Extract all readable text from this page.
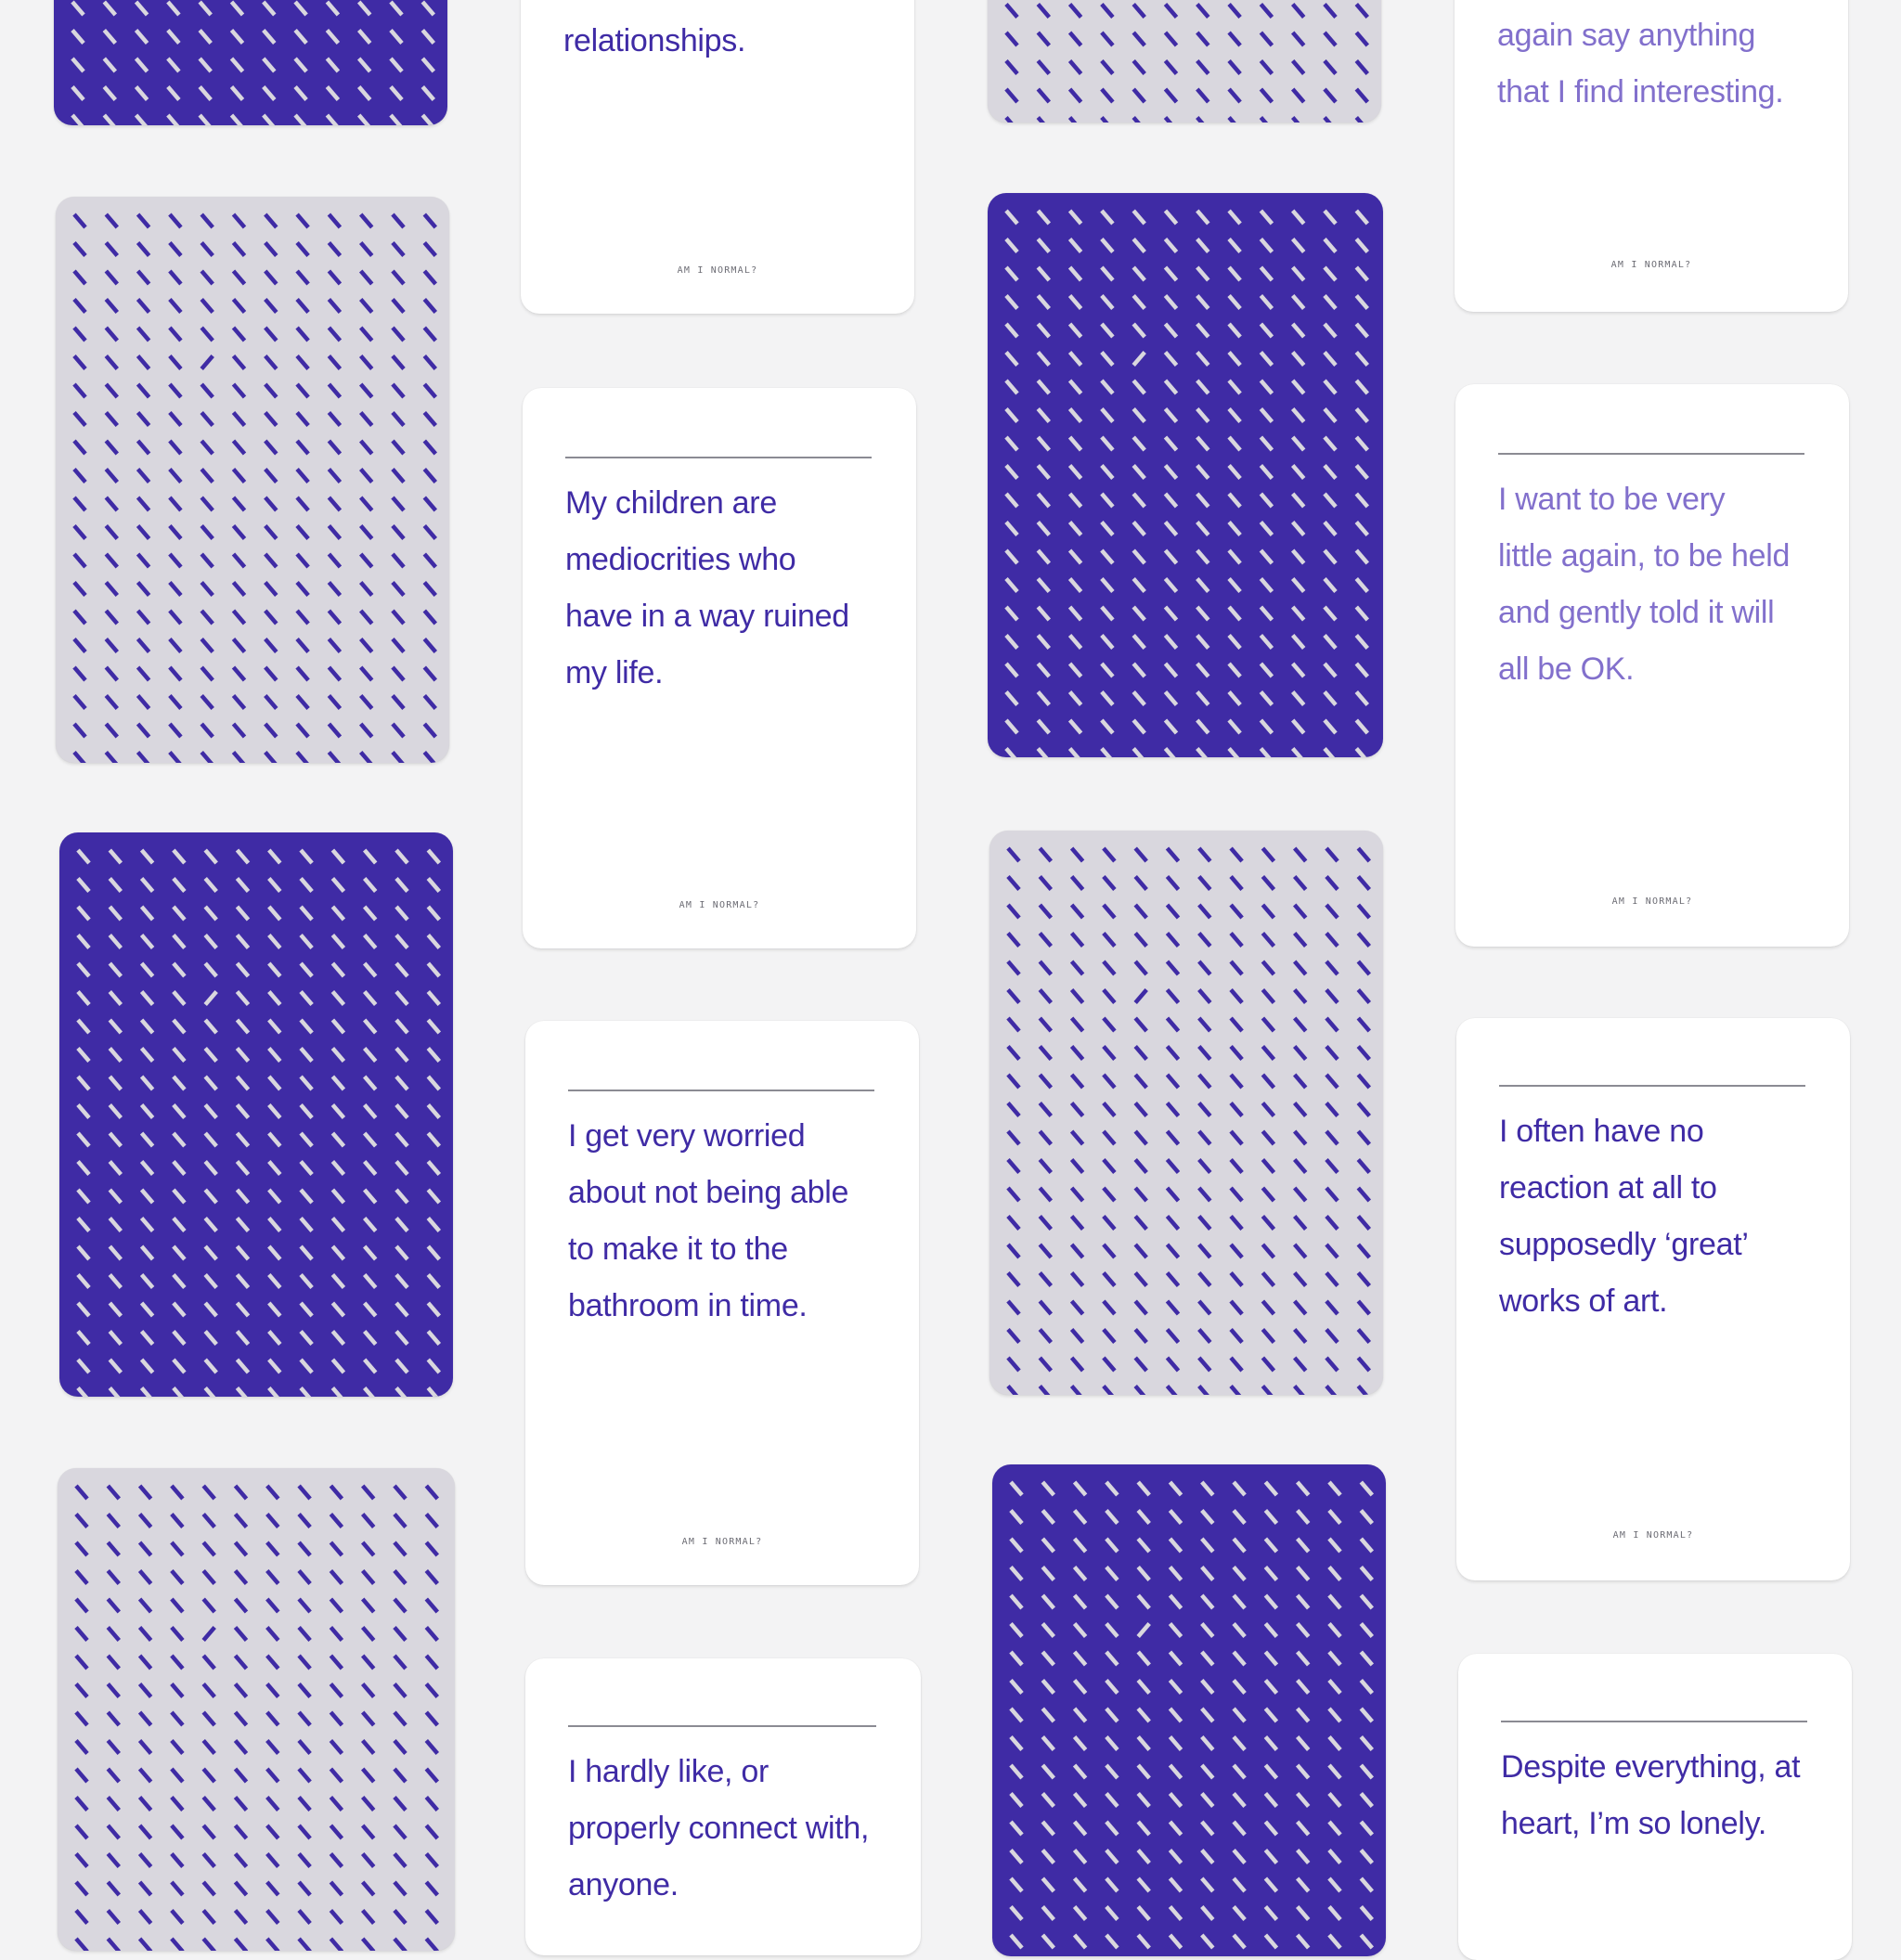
relationships.

AM I NORMAL?

My children are
mediocrities who
have in a way ruined
my life.

AM I NORMAL?

I get very worried
about not being able
to make it to the
bathroom in time.

AM I NORMAL?

I hardly like, or
properly connect with,
anyone.

again say anything
that I find interesting.

AM I NORMAL?

I want to be very
little again, to be held
and gently told it will
all be OK.

AM I NORMAL?

I often have no
reaction at all to
supposedly ‘great’
works of art.

AM I NORMAL?

Despite everything, at
heart, I’m so lonely.
